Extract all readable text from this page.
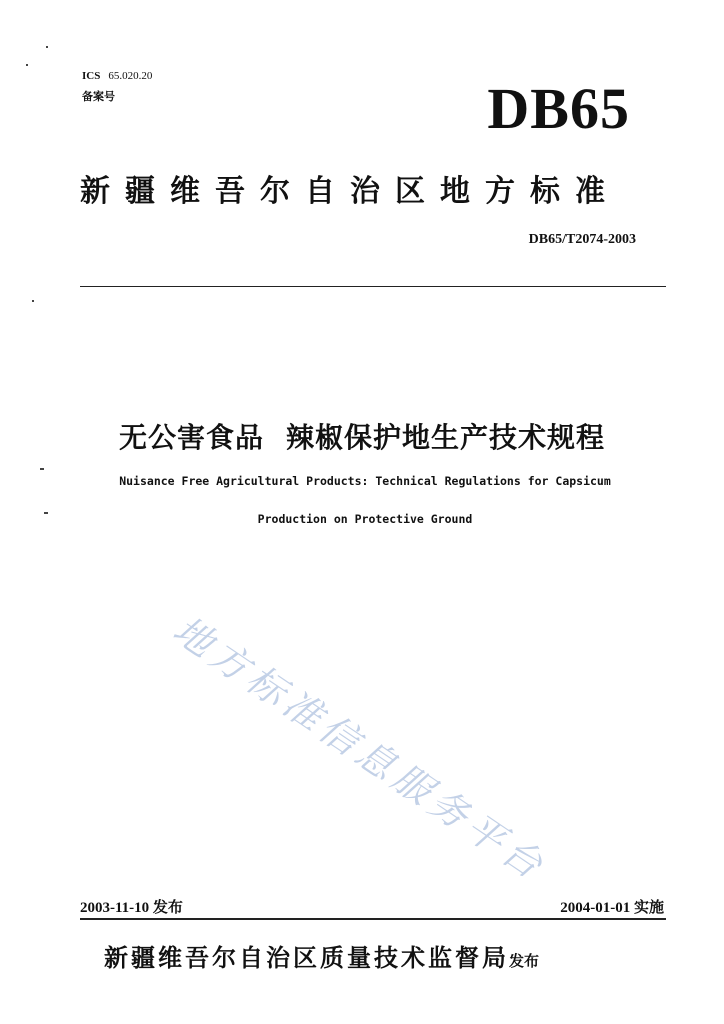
ICS 65.020.20
备案号	DB65
新疆维吾尔自治区地方标准
DB65/T2074-2003
无公害食品 辣椒保护地生产技术规程
Nuisance Free Agricultural Products: Technical Regulations for Capsicum
Production on Protective Ground
地方标准信息服务平台
2003-11-10 发布	2004-01-01 实施
新疆维吾尔自治区质量技术监督局发布
